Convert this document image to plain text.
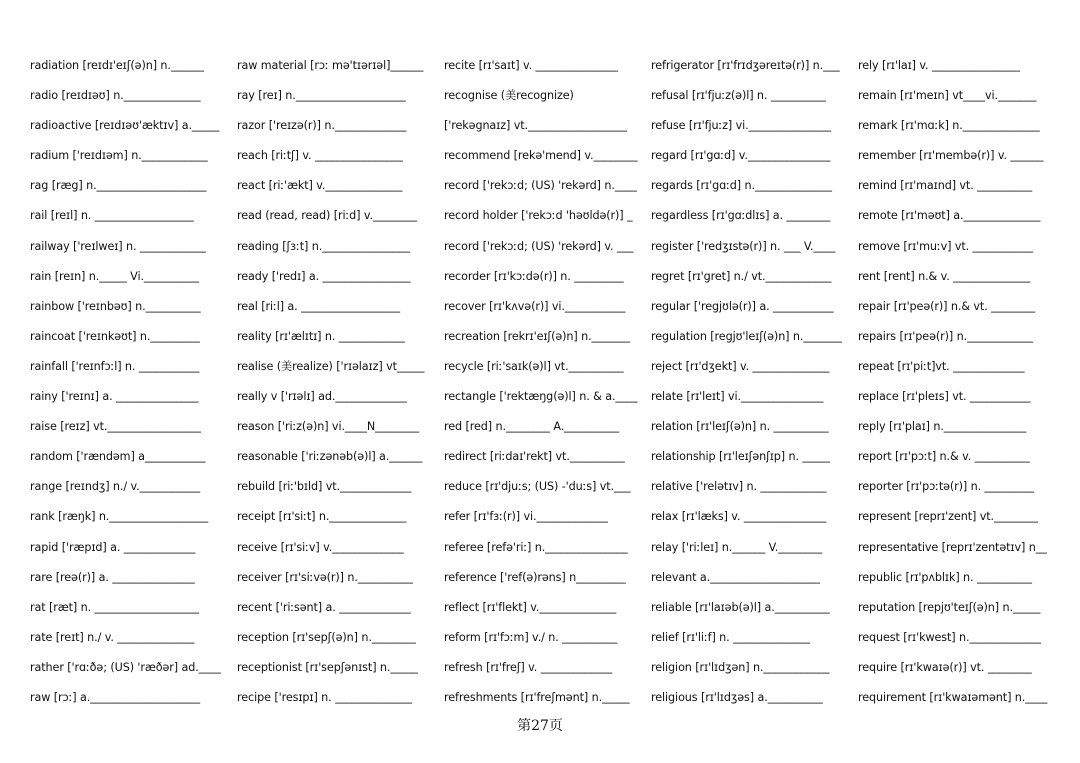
radiation [reɪdɪ'eɪʃ(ə)n] n.______
radio [reɪdɪəʊ] n.______________
radioactive [reɪdɪəʊ'æktɪv] a._____
radium ['reɪdɪəm] n.____________
rag [ræg] n.____________________
rail [reɪl] n. __________________
railway ['reɪlweɪ] n. ____________
rain [reɪn] n._____ Vi.__________
rainbow ['reɪnbəʊ] n.__________
raincoat ['reɪnkəʊt] n._________
rainfall ['reɪnfɔːl] n. ___________
rainy ['reɪnɪ] a. _______________
raise [reɪz] vt._________________
random ['rændəm] a___________
range [reɪndʒ] n./ v.___________
rank [ræŋk] n.__________________
rapid ['ræpɪd] a. _____________
rare [reə(r)] a. _______________
rat [ræt] n. ___________________
rate [reɪt] n./ v. ______________
rather ['rɑːðə; (US) 'ræðər] ad.____
raw [rɔː] a.____________________
raw material [rɔː mə'tɪərɪəl]______
ray [reɪ] n.____________________
razor ['reɪzə(r)] n._____________
reach [riːtʃ] v. ________________
react [riː'ækt] v.______________
read (read, read) [riːd] v.________
reading [ʃɜːt] n.________________
ready ['redɪ] a. ________________
real [riːl] a. __________________
reality [rɪ'ælɪtɪ] n. ____________
realise (美realize) ['rɪəlaɪz] vt_____
really v ['rɪəlɪ] ad._____________
reason ['riːz(ə)n] vi.____N________
reasonable ['riːzənəb(ə)l] a.______
rebuild [riː'bɪld] vt._____________
receipt [rɪ'siːt] n.______________
receive [rɪ'siːv] v._____________
receiver [rɪ'siːvə(r)] n.__________
recent ['riːsənt] a. _____________
reception [rɪ'sepʃ(ə)n] n.________
receptionist [rɪ'sepʃənɪst] n._____
recipe ['resɪpɪ] n. ______________
recite [rɪ'saɪt] v. _______________
recognise (美recognize)
['rekəgnaɪz] vt.__________________
recommend [rekə'mend] v.________
record ['rekɔːd; (US) 'rekərd] n.____
record holder ['rekɔːd 'həʊldə(r)] _
record ['rekɔːd; (US) 'rekərd] v. ___
recorder [rɪ'kɔːdə(r)] n. _________
recover [rɪ'kʌvə(r)] vi.___________
recreation [rekrɪ'eɪʃ(ə)n] n._______
recycle [riː'saɪk(ə)l] vt.__________
rectangle ['rektæŋg(ə)l] n. & a.____
red [red] n.________ A.__________
redirect [riːdaɪ'rekt] vt.__________
reduce [rɪ'djuːs; (US) -'duːs] vt.___
refer [rɪ'fɜː(r)] vi._____________
referee [refə'riː] n._______________
reference ['ref(ə)rəns] n_________
reflect [rɪ'flekt] v.______________
reform [rɪ'fɔːm] v./ n. __________
refresh [rɪ'freʃ] v. _____________
refreshments [rɪ'freʃmənt] n._____
refrigerator [rɪ'frɪdʒəreɪtə(r)] n.___
refusal [rɪ'fjuːz(ə)l] n. __________
refuse [rɪ'fjuːz] vi._______________
regard [rɪ'gɑːd] v._______________
regards [rɪ'gɑːd] n.______________
regardless [rɪ'gɑːdlɪs] a. ________
register ['redʒɪstə(r)] n. ___ V.____
regret [rɪ'gret] n./ vt.____________
regular ['regjʊlə(r)] a. ___________
regulation [regjʊ'leɪʃ(ə)n] n._______
reject [rɪ'dʒekt] v. ______________
relate [rɪ'leɪt] vi._______________
relation [rɪ'leɪʃ(ə)n] n. __________
relationship [rɪ'leɪʃənʃɪp] n. _____
relative ['relətɪv] n. ____________
relax [rɪ'læks] v. _______________
relay ['riːleɪ] n.______ V.________
relevant a.____________________
reliable [rɪ'laɪəb(ə)l] a.__________
relief [rɪ'liːf] n. ______________
religion [rɪ'lɪdʒən] n.____________
religious [rɪ'lɪdʒəs] a.__________
rely [rɪ'laɪ] v. ________________
remain [rɪ'meɪn] vt____vi._______
remark [rɪ'mɑːk] n.______________
remember [rɪ'membə(r)] v. ______
remind [rɪ'maɪnd] vt. __________
remote [rɪ'məʊt] a.______________
remove [rɪ'muːv] vt. ___________
rent [rent] n.& v. ______________
repair [rɪ'peə(r)] n.& vt. ________
repairs [rɪ'peə(r)] n.____________
repeat [rɪ'piːt]vt. _____________
replace [rɪ'pleɪs] vt. ___________
reply [rɪ'plaɪ] n._______________
report [rɪ'pɔːt] n.& v. __________
reporter [rɪ'pɔːtə(r)] n. _________
represent [reprɪ'zent] vt.________
representative [reprɪ'zentətɪv] n__
republic [rɪ'pʌblɪk] n. __________
reputation [repjʊ'teɪʃ(ə)n] n._____
request [rɪ'kwest] n._____________
require [rɪ'kwaɪə(r)] vt. ________
requirement [rɪ'kwaɪəmənt] n.____
第27页
